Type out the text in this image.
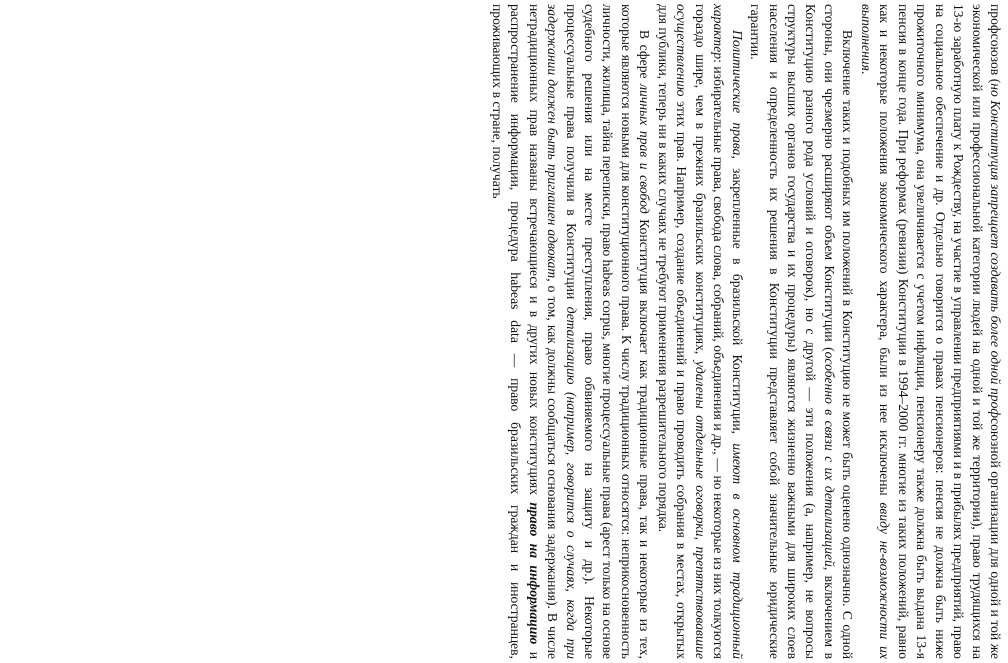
профсоюзов (но Конституция запрещает создавать более одной профсоюзной организации для одной и той же экономической или профессиональной категории людей на одной и той же территории), право трудящихся на 13-ю заработную плату к Рождеству, на участие в управлении предприятиями и в прибылях предприятий, право на социальное обеспечение и др. Отдельно говорится о правах пенсионеров: пенсия не должна быть ниже прожиточного минимума, она увеличивается с учетом инфляции, пенсионеру также должна быть выдана 13-я пенсия в конце года. При реформах (ревизии) Конституции в 1994–2000 гг. многие из таких положений, равно как и некоторые положения экономического характера, были из нее исключены ввиду не-возможности их выполнения.

Включение таких и подобных им положений в Конституцию не может быть оценено однозначно. С одной стороны, они чрезмерно расширяют объем Конституции (особенно в связи с их детализацией, включением в Конституцию разного рода условий и оговорок), но с другой — эти положения (а, например, не вопросы структуры высших органов государства и их процедуры) являются жизненно важными для широких слоев населения и определенность их решения в Конституции представляет собой значительные юридические гарантии.

Политические права, закрепленные в бразильской Конституции, имеют в основном традиционный характер: избирательные права, свобода слова, собраний, объединения и др., — но некоторые из них толкуются гораздо шире, чем в прежних бразильских конституциях, удалены отдельные оговорки, препятствовавшие осуществлению этих прав. Например, создание объединений и право проводить собрания в местах, открытых для публики, теперь ни в каких случаях не требуют применения разрешительного порядка.

В сфере личных прав и свобод Конституция включает как традиционные права, так и некоторые из тех, которые являются новыми для конституционного права. К числу традиционных относятся: неприкосновенность личности, жилища, тайна переписки, право habeas corpus, многие процессуальные права (арест только на основе судебного решения или на месте преступления, право обвиняемого на защиту и др.). Некоторые процессуальные права получили в Конституции детализацию (например, говорится о случаях, когда при задержании должен быть приглашен адвокат, о том, как должны сообщаться основания задержания). В числе нетрадиционных прав названы встречающиеся и в других новых конституциях право на информацию и распространение информации, процедура habeas data — право бразильских граждан и иностранцев, проживающих в стране, получать
